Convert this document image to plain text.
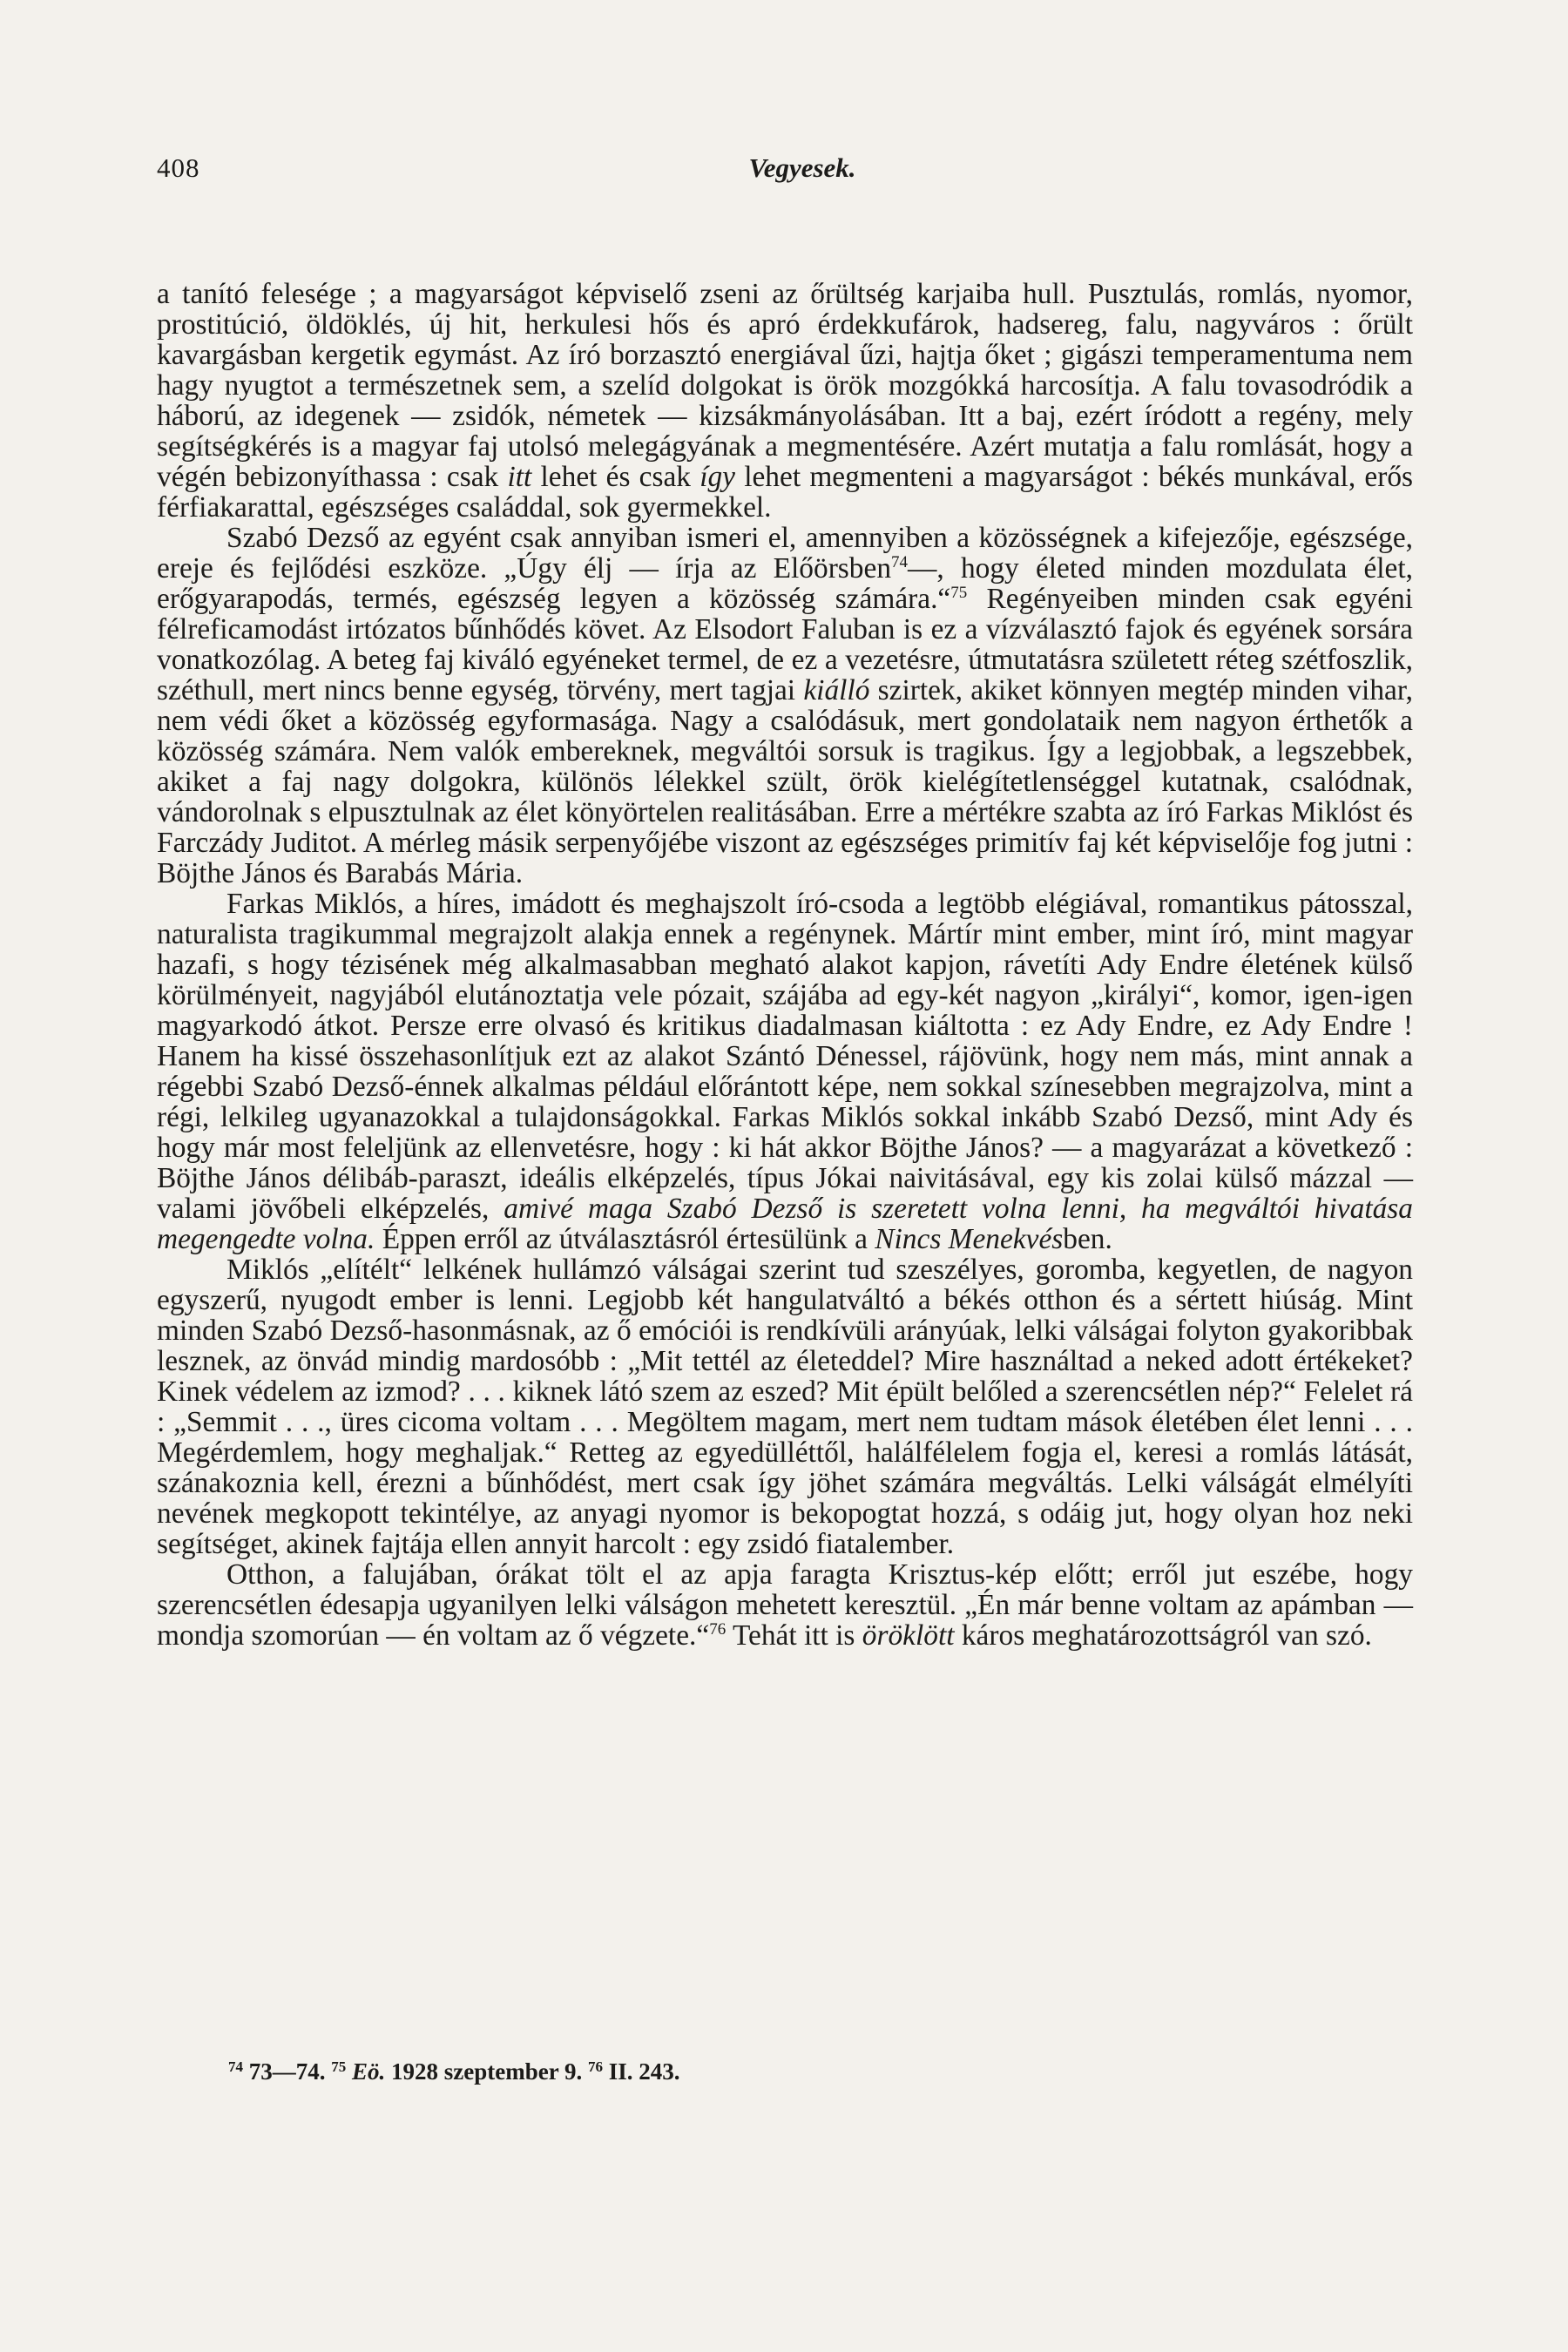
408	Vegyesek.

a tanító felesége ; a magyarságot képviselő zseni az őrültség karjaiba hull. Pusztulás, romlás, nyomor, prostitúció, öldöklés, új hit, herkulesi hős és apró érdekkufárok, hadsereg, falu, nagyváros : őrült kavargásban kergetik egymást. Az író borzasztó energiával űzi, hajtja őket ; gigászi temperamentuma nem hagy nyugtot a természetnek sem, a szelíd dolgokat is örök mozgókká harcosítja. A falu tovasodródik a háború, az idegenek — zsidók, németek — kizsákmányolásában. Itt a baj, ezért íródott a regény, mely segítségkérés is a magyar faj utolsó melegágyának a megmentésére. Azért mutatja a falu romlását, hogy a végén bebizonyíthassa : csak itt lehet és csak így lehet megmenteni a magyarságot : békés munkával, erős férfiakarattal, egészséges családdal, sok gyermekkel.

Szabó Dezső az egyént csak annyiban ismeri el, amennyiben a közösségnek a kifejezője, egészsége, ereje és fejlődési eszköze. „Úgy élj — írja az Előörsben$^{74}$—, hogy életed minden mozdulata élet, erőgyarapodás, termés, egészség legyen a közösség számára.“$^{75}$ Regényeiben minden csak egyéni félreficamodást irtózatos bűnhődés követ. Az Elsodort Faluban is ez a vízválasztó fajok és egyének sorsára vonatkozólag. A beteg faj kiváló egyéneket termel, de ez a vezetésre, útmutatásra született réteg szétfoszlik, széthull, mert nincs benne egység, törvény, mert tagjai kiálló szirtek, akiket könnyen megtép minden vihar, nem védi őket a közösség egyformasága. Nagy a csalódásuk, mert gondolataik nem nagyon érthetők a közösség számára. Nem valók embereknek, megváltói sorsuk is tragikus. Így a legjobbak, a legszebbek, akiket a faj nagy dolgokra, különös lélekkel szült, örök kielégítetlenséggel kutatnak, csalódnak, vándorolnak s elpusztulnak az élet könyörtelen realitásában. Erre a mértékre szabta az író Farkas Miklóst és Farczády Juditot. A mérleg másik serpenyőjébe viszont az egészséges primitív faj két képviselője fog jutni : Böjthe János és Barabás Mária.

Farkas Miklós, a híres, imádott és meghajszolt író-csoda a legtöbb elégiával, romantikus pátosszal, naturalista tragikummal megrajzolt alakja ennek a regénynek. Mártír mint ember, mint író, mint magyar hazafi, s hogy tézisének még alkalmasabban megható alakot kapjon, rávetíti Ady Endre életének külső körülményeit, nagyjából elutánoztatja vele pózait, szájába ad egy-két nagyon „királyi“, komor, igen-igen magyarkodó átkot. Persze erre olvasó és kritikus diadalmasan kiáltotta : ez Ady Endre, ez Ady Endre ! Hanem ha kissé összehasonlítjuk ezt az alakot Szántó Dénessel, rájövünk, hogy nem más, mint annak a régebbi Szabó Dezső-énnek alkalmas például előrántott képe, nem sokkal színesebben megrajzolva, mint a régi, lelkileg ugyanazokkal a tulajdonságokkal. Farkas Miklós sokkal inkább Szabó Dezső, mint Ady és hogy már most feleljünk az ellenvetésre, hogy : ki hát akkor Böjthe János? — a magyarázat a következő : Böjthe János délibáb-paraszt, ideális elképzelés, típus Jókai naivitásával, egy kis zolai külső mázzal — valami jövőbeli elképzelés, amivé maga Szabó Dezső is szeretett volna lenni, ha megváltói hivatása megengedte volna. Éppen erről az útválasztásról értesülünk a Nincs Menekvésben.

Miklós „elítélt“ lelkének hullámzó válságai szerint tud szeszélyes, goromba, kegyetlen, de nagyon egyszerű, nyugodt ember is lenni. Legjobb két hangulatváltó a békés otthon és a sértett hiúság. Mint minden Szabó Dezső-hasonmásnak, az ő emóciói is rendkívüli arányúak, lelki válságai folyton gyakoribbak lesznek, az önvád mindig mardosóbb : „Mit tettél az életeddel? Mire használtad a neked adott értékeket? Kinek védelem az izmod? . . . kiknek látó szem az eszed? Mit épült belőled a szerencsétlen nép?“ Felelet rá : „Semmit . . ., üres cicoma voltam . . . Megöltem magam, mert nem tudtam mások életében élet lenni . . . Megérdemlem, hogy meghaljak.“ Retteg az egyedülléttől, halálfélelem fogja el, keresi a romlás látását, szánakoznia kell, érezni a bűnhődést, mert csak így jöhet számára megváltás. Lelki válságát elmélyíti nevének megkopott tekintélye, az anyagi nyomor is bekopogtat hozzá, s odáig jut, hogy olyan hoz neki segítséget, akinek fajtája ellen annyit harcolt : egy zsidó fiatalember.

Otthon, a falujában, órákat tölt el az apja faragta Krisztus-kép előtt; erről jut eszébe, hogy szerencsétlen édesapja ugyanilyen lelki válságon mehetett keresztül. „Én már benne voltam az apámban — mondja szomorúan — én voltam az ő végzete.“$^{76}$ Tehát itt is öröklött káros meghatározottságról van szó.

$^{74}$ 73—74. $^{75}$ Eö. 1928 szeptember 9. $^{76}$ II. 243.
